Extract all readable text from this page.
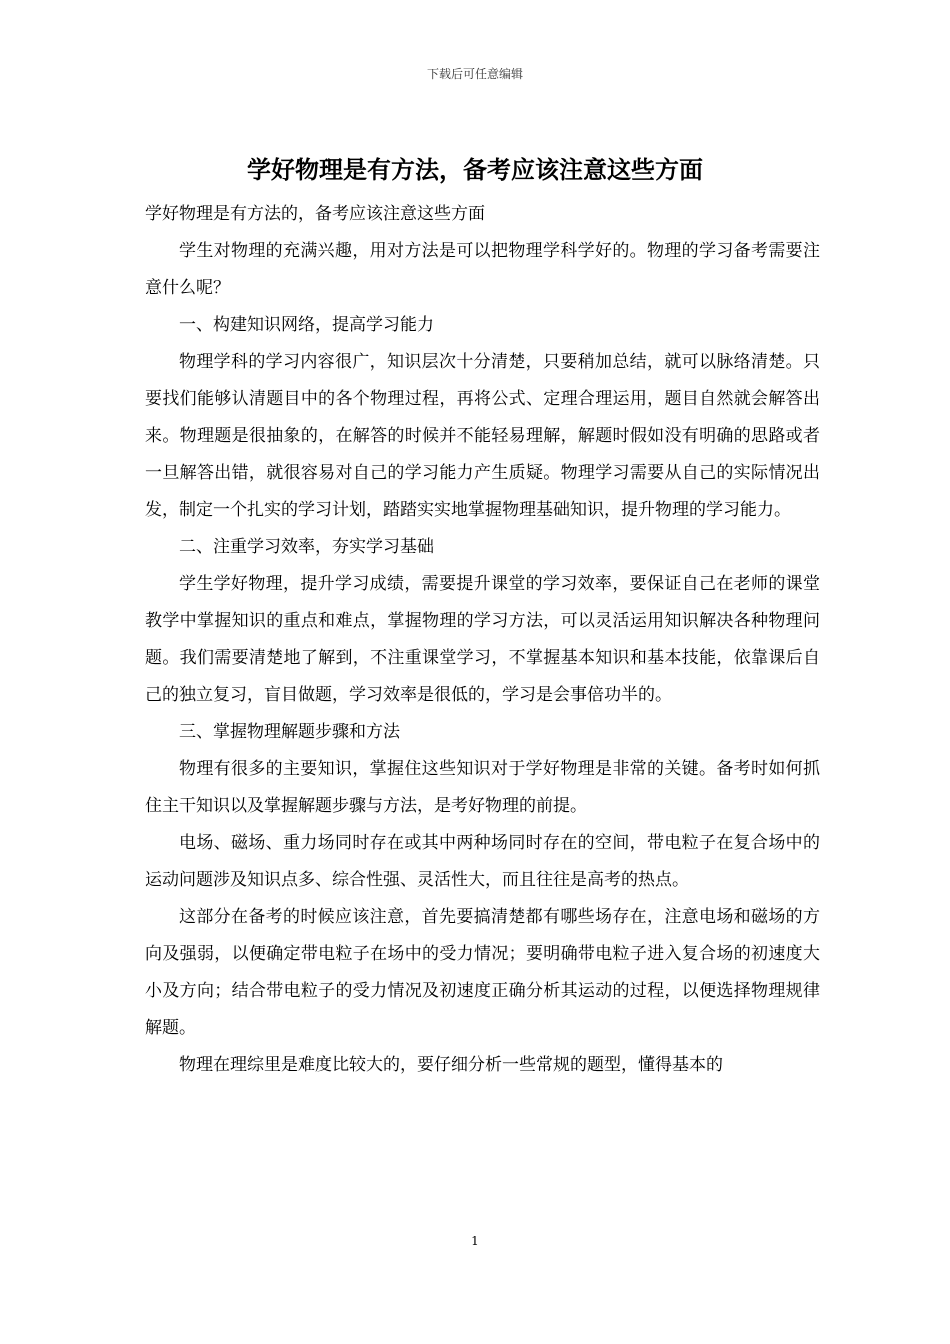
下载后可任意编辑
学好物理是有方法，备考应该注意这些方面

学好物理是有方法的，备考应该注意这些方面

学生对物理的充满兴趣，用对方法是可以把物理学科学好的。物理的学习备考需要注意什么呢？

一、构建知识网络，提高学习能力

物理学科的学习内容很广，知识层次十分清楚，只要稍加总结，就可以脉络清楚。只要找们能够认清题目中的各个物理过程，再将公式、定理合理运用，题目自然就会解答出来。物理题是很抽象的，在解答的时候并不能轻易理解，解题时假如没有明确的思路或者一旦解答出错，就很容易对自己的学习能力产生质疑。物理学习需要从自己的实际情况出发，制定一个扎实的学习计划，踏踏实实地掌握物理基础知识，提升物理的学习能力。

二、注重学习效率，夯实学习基础

学生学好物理，提升学习成绩，需要提升课堂的学习效率，要保证自己在老师的课堂教学中掌握知识的重点和难点，掌握物理的学习方法，可以灵活运用知识解决各种物理问题。我们需要清楚地了解到，不注重课堂学习，不掌握基本知识和基本技能，依靠课后自己的独立复习，盲目做题，学习效率是很低的，学习是会事倍功半的。

三、掌握物理解题步骤和方法

物理有很多的主要知识，掌握住这些知识对于学好物理是非常的关键。备考时如何抓住主干知识以及掌握解题步骤与方法，是考好物理的前提。

电场、磁场、重力场同时存在或其中两种场同时存在的空间，带电粒子在复合场中的运动问题涉及知识点多、综合性强、灵活性大，而且往往是高考的热点。

这部分在备考的时候应该注意，首先要搞清楚都有哪些场存在，注意电场和磁场的方向及强弱，以便确定带电粒子在场中的受力情况；要明确带电粒子进入复合场的初速度大小及方向；结合带电粒子的受力情况及初速度正确分析其运动的过程，以便选择物理规律解题。

物理在理综里是难度比较大的，要仔细分析一些常规的题型，懂得基本的

1
